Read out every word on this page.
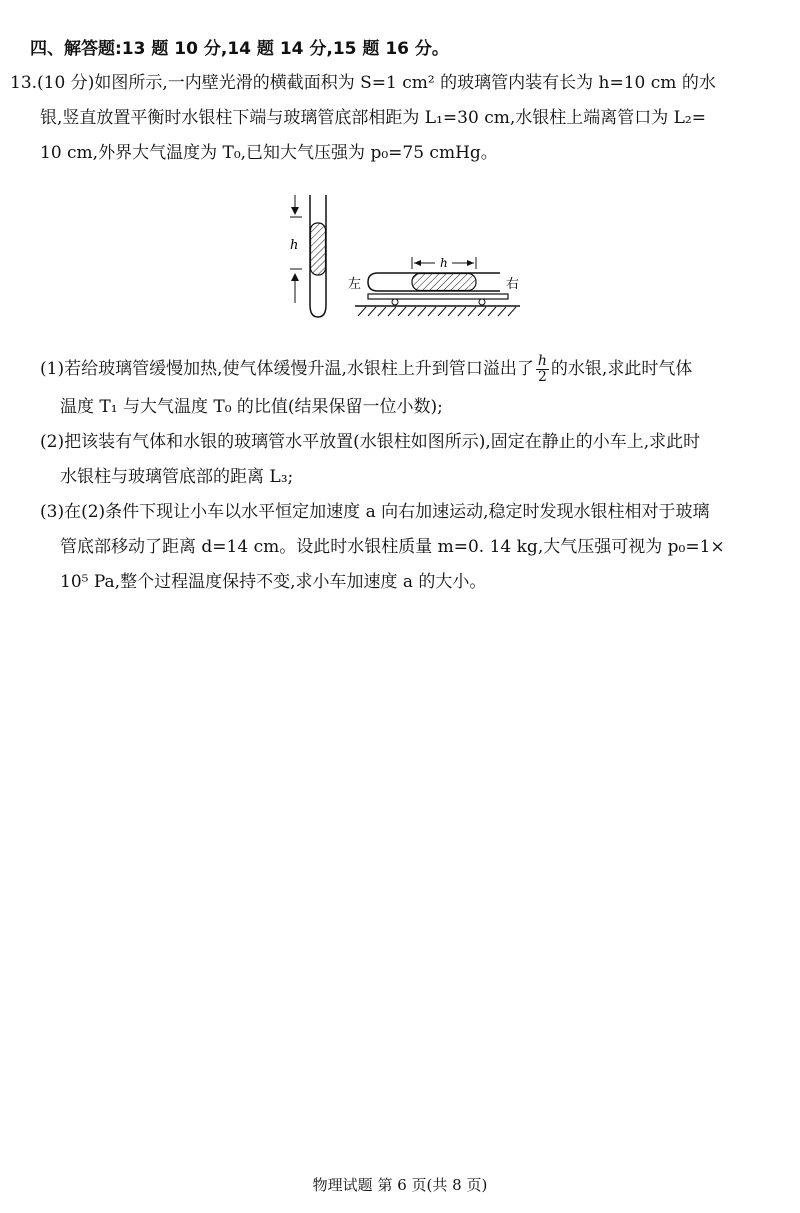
四、解答题:13 题 10 分,14 题 14 分,15 题 16 分。
13.(10 分)如图所示,一内壁光滑的横截面积为 S=1 cm² 的玻璃管内装有长为 h=10 cm 的水
银,竖直放置平衡时水银柱下端与玻璃管底部相距为 L₁=30 cm,水银柱上端离管口为 L₂=
10 cm,外界大气温度为 T₀,已知大气压强为 p₀=75 cmHg。
h
左	右
h
(1)若给玻璃管缓慢加热,使气体缓慢升温,水银柱上升到管口溢出了 $\frac{h}{2}$ 的水银,求此时气体
温度 T₁ 与大气温度 T₀ 的比值(结果保留一位小数);
(2)把该装有气体和水银的玻璃管水平放置(水银柱如图所示),固定在静止的小车上,求此时
水银柱与玻璃管底部的距离 L₃;
(3)在(2)条件下现让小车以水平恒定加速度 a 向右加速运动,稳定时发现水银柱相对于玻璃
管底部移动了距离 d=14 cm。设此时水银柱质量 m=0. 14 kg,大气压强可视为 p₀=1×
10⁵ Pa,整个过程温度保持不变,求小车加速度 a 的大小。
物理试题 第 6 页(共 8 页)
